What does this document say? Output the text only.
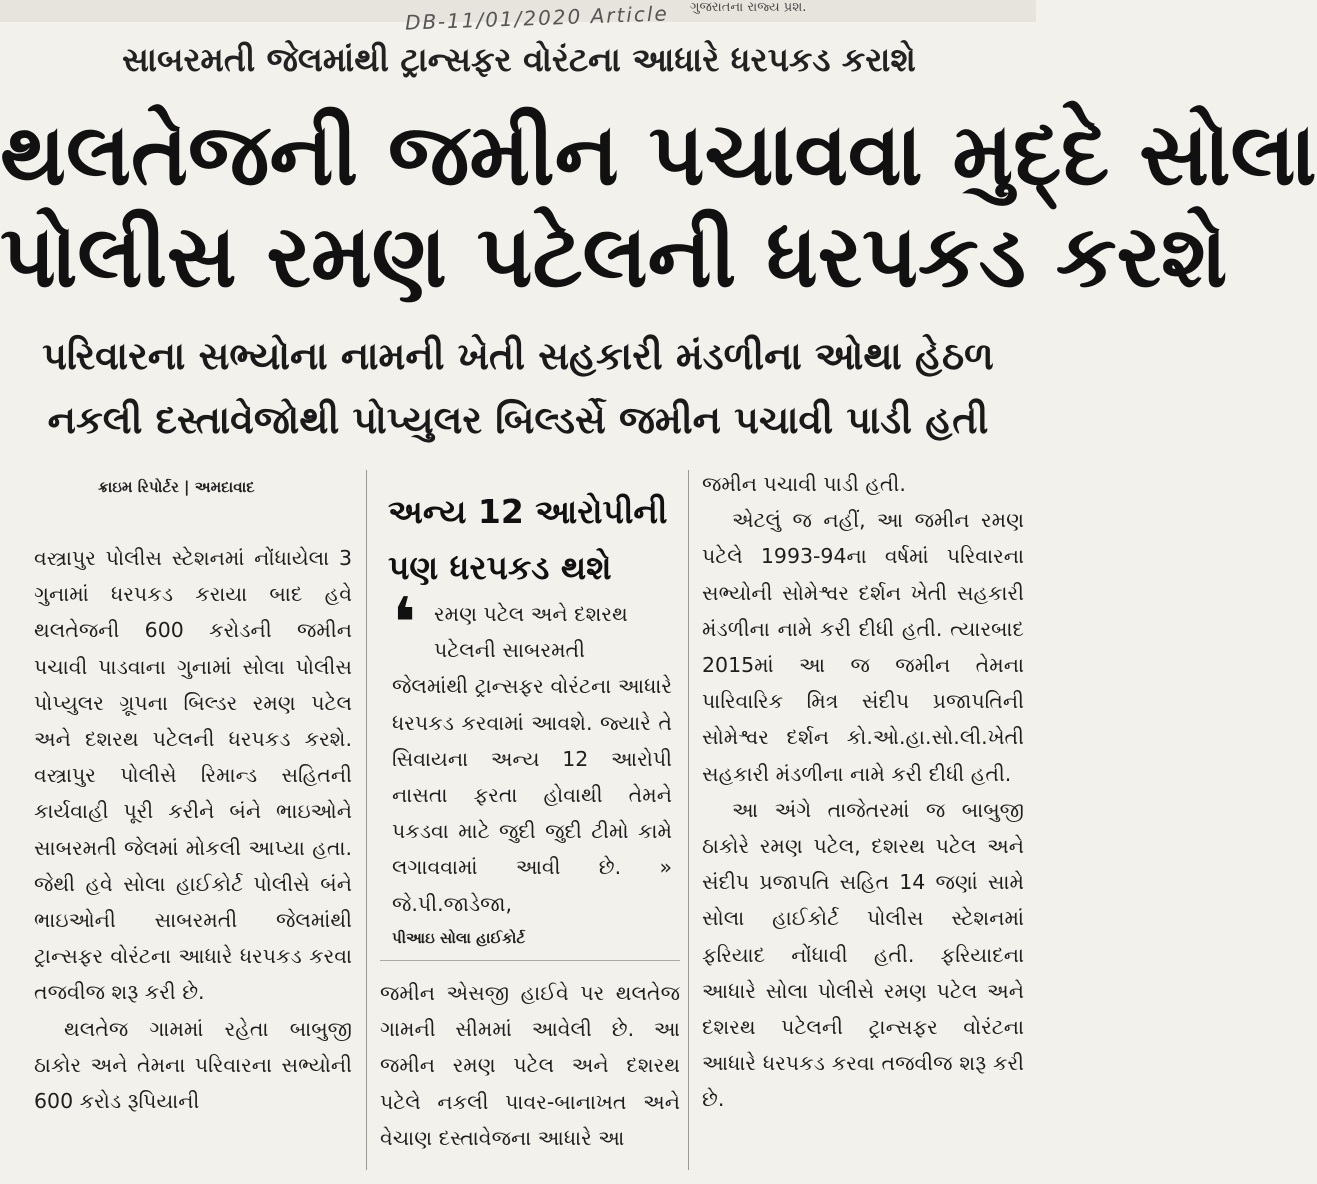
ગુજરાતના રાજ્ય પ્રશ.
DB-11/01/2020 Article
સાબરમતી જેલમાંથી ટ્રાન્સફર વોરંટના આધારે ધરપકડ કરાશે
થલતેજની જમીન પચાવવા મુદ્દે સોલા
પોલીસ રમણ પટેલની ધરપકડ કરશે
પરિવારના સભ્યોના નામની ખેતી સહકારી મંડળીના ઓથા હેઠળ
નકલી દસ્તાવેજોથી પોપ્યુલર બિલ્ડર્સે જમીન પચાવી પાડી હતી
ક્રાઇમ રિપોર્ટર | અમદાવાદ

વસ્ત્રાપુર પોલીસ સ્ટેશનમાં નોંધાયેલા 3 ગુનામાં ધરપકડ કરાયા બાદ હવે થલતેજની 600 કરોડની જમીન પચાવી પાડવાના ગુનામાં સોલા પોલીસ પોપ્યુલર ગ્રૂપના બિલ્ડર રમણ પટેલ અને દશરથ પટેલની ધરપકડ કરશે. વસ્ત્રાપુર પોલીસે રિમાન્ડ સહિતની કાર્યવાહી પૂરી કરીને બંને ભાઇઓને સાબરમતી જેલમાં મોકલી આપ્યા હતા. જેથી હવે સોલા હાઈકોર્ટ પોલીસે બંને ભાઇઓની સાબરમતી જેલમાંથી ટ્રાન્સફર વોરંટના આધારે ધરપકડ કરવા તજવીજ શરૂ કરી છે.

થલતેજ ગામમાં રહેતા બાબુજી ઠાકોર અને તેમના પરિવારના સભ્યોની 600 કરોડ રૂપિયાની

અન્ય 12 આરોપીની પણ ધરપકડ થશે
❛ રમણ પટેલ અને દશરથ

પટેલની સાબરમતી

જેલમાંથી ટ્રાન્સફર વોરંટના આધારે ધરપકડ કરવામાં આવશે. જ્યારે તે સિવાયના અન્ય 12 આરોપી નાસતા ફરતા હોવાથી તેમને પકડવા માટે જુદી જુદી ટીમો કામે લગાવવામાં આવી છે. » જે.પી.જાડેજા,

પીઆઇ સોલા હાઈકોર્ટ

જમીન એસજી હાઈવે પર થલતેજ ગામની સીમમાં આવેલી છે. આ જમીન રમણ પટેલ અને દશરથ પટેલે નકલી પાવર-બાનાખત અને વેચાણ દસ્તાવેજના આધારે આ

જમીન પચાવી પાડી હતી.

એટલું જ નહીં, આ જમીન રમણ પટેલે 1993-94ના વર્ષમાં પરિવારના સભ્યોની સોમેશ્વર દર્શન ખેતી સહકારી મંડળીના નામે કરી દીધી હતી. ત્યારબાદ 2015માં આ જ જમીન તેમના પારિવારિક મિત્ર સંદીપ પ્રજાપતિની સોમેશ્વર દર્શન કો.ઓ.હા.સો.લી.ખેતી સહકારી મંડળીના નામે કરી દીધી હતી.

આ અંગે તાજેતરમાં જ બાબુજી ઠાકોરે રમણ પટેલ, દશરથ પટેલ અને સંદીપ પ્રજાપતિ સહિત 14 જણાં સામે સોલા હાઈકોર્ટ પોલીસ સ્ટેશનમાં ફરિયાદ નોંધાવી હતી. ફરિયાદના આધારે સોલા પોલીસે રમણ પટેલ અને દશરથ પટેલની ટ્રાન્સફર વોરંટના આધારે ધરપકડ કરવા તજવીજ શરૂ કરી છે.
